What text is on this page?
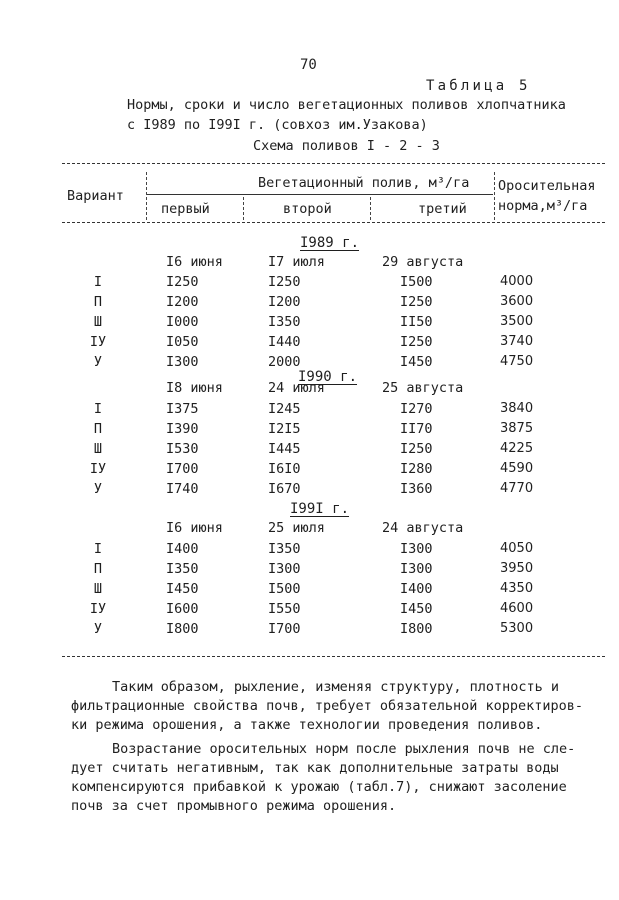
70
Таблица 5
Нормы, сроки и число вегетационных поливов хлопчатника
с I989 по I99I г. (совхоз им.Узакова)
Схема поливов I - 2 - 3
Вариант
Вегетационный полив, м³/га
первый	второй	третий
Оросительная
норма,м³/га
I989 г.
I6 июня	I7 июля	29 августа
I	I250	I250	I500	4000
П	I200	I200	I250	3600
Ш	I000	I350	II50	3500
IУ	I050	I440	I250	3740
У	I300	2000	I450	4750
I990 г.
I8 июня	24 июля	25 августа
I	I375	I245	I270	3840
П	I390	I2I5	II70	3875
Ш	I530	I445	I250	4225
IУ	I700	I6I0	I280	4590
У	I740	I670	I360	4770
I99I г.
I6 июня	25 июля	24 августа
I	I400	I350	I300	4050
П	I350	I300	I300	3950
Ш	I450	I500	I400	4350
IУ	I600	I550	I450	4600
У	I800	I700	I800	5300
Таким образом, рыхление, изменяя структуру, плотность и
фильтрационные свойства почв, требует обязательной корректиров-
ки режима орошения, а также технологии проведения поливов.
Возрастание оросительных норм после рыхления почв не сле-
дует считать негативным, так как дополнительные затраты воды
компенсируются прибавкой к урожаю (табл.7), снижают засоление
почв за счет промывного режима орошения.
